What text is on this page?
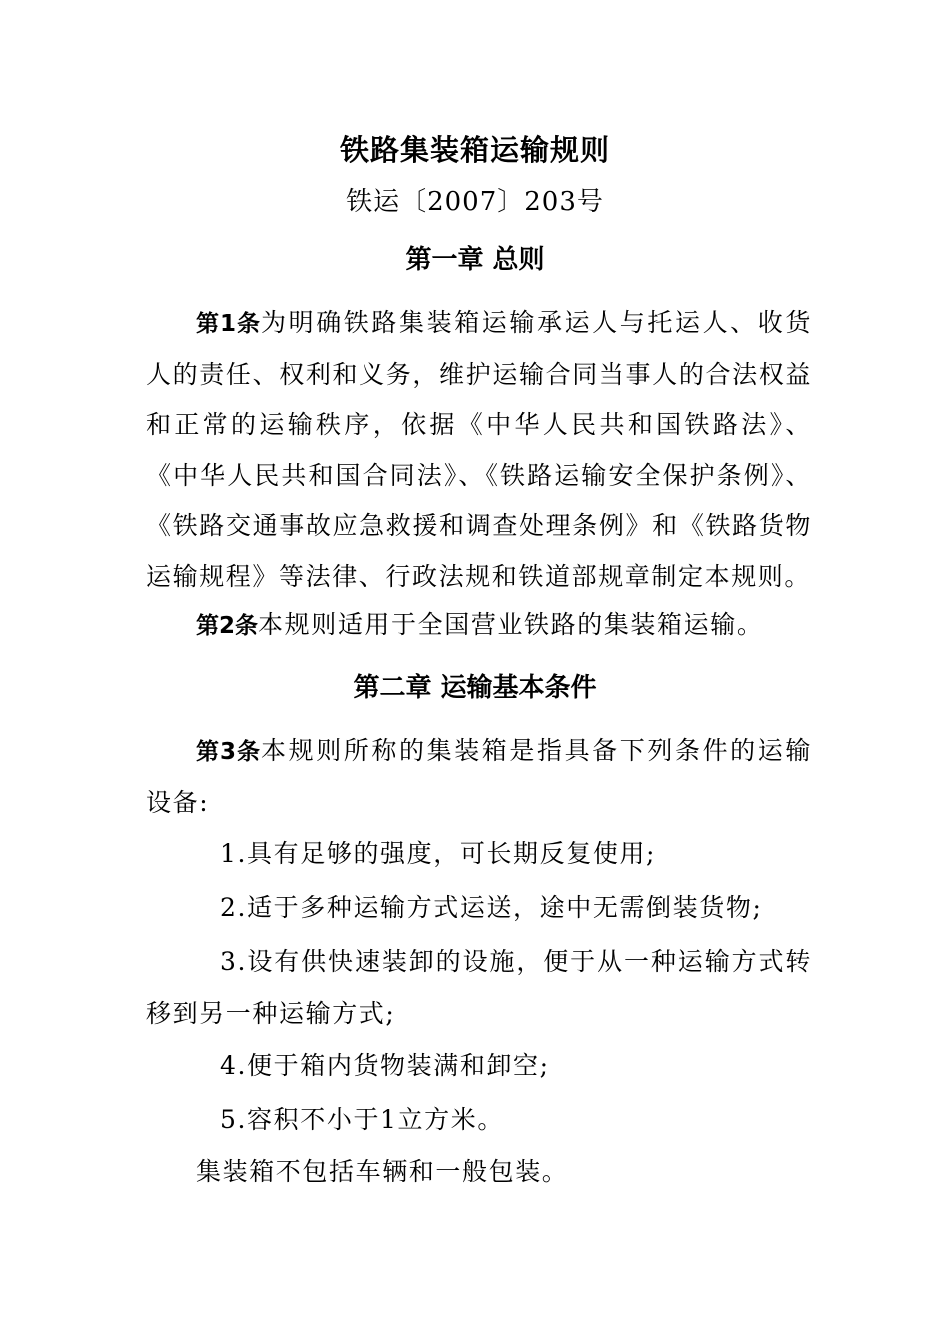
铁路集装箱运输规则
铁运〔2007〕203号
第一章 总则
第1条为明确铁路集装箱运输承运人与托运人、收货人的责任、权利和义务，维护运输合同当事人的合法权益和正常的运输秩序，依据《中华人民共和国铁路法》、《中华人民共和国合同法》、《铁路运输安全保护条例》、《铁路交通事故应急救援和调查处理条例》和《铁路货物运输规程》等法律、行政法规和铁道部规章制定本规则。
第2条本规则适用于全国营业铁路的集装箱运输。
第二章 运输基本条件
第3条本规则所称的集装箱是指具备下列条件的运输设备:
1.具有足够的强度，可长期反复使用;
2.适于多种运输方式运送，途中无需倒装货物;
3.设有供快速装卸的设施，便于从一种运输方式转移到另一种运输方式;
4.便于箱内货物装满和卸空;
5.容积不小于1立方米。
集装箱不包括车辆和一般包装。
